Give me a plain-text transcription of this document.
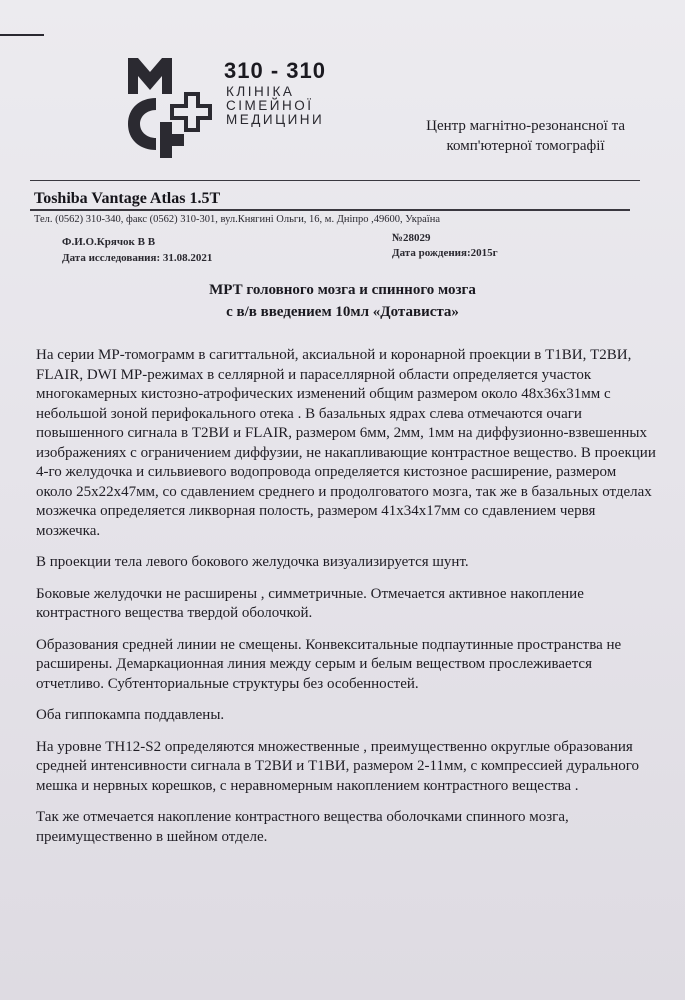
310 - 310
КЛІНІКА
СІМЕЙНОЇ
МЕДИЦИНИ	Центр магнітно-резонансної та
комп'ютерної томографії
Toshiba Vantage Atlas 1.5T
Тел. (0562) 310-340, факс (0562) 310-301, вул.Княгині Ольги, 16, м. Дніпро ,49600, Україна
Ф.И.О.Крячок В В	№28029
Дата исследования: 31.08.2021	Дата рождения:2015г
МРТ головного мозга и спинного мозга
с в/в введением 10мл «Дотависта»

На серии МР-томограмм в сагиттальной, аксиальной и коронарной проекции в Т1ВИ, Т2ВИ, FLAIR, DWI МР-режимах в селлярной и параселлярной области определяется участок многокамерных кистозно-атрофических изменений общим размером около 48х36х31мм с небольшой зоной перифокального отека . В базальных ядрах слева отмечаются очаги повышенного сигнала в Т2ВИ и FLAIR, размером 6мм, 2мм, 1мм на диффузионно-взвешенных изображениях с ограничением диффузии, не накапливающие контрастное вещество. В проекции 4-го желудочка и сильвиевого водопровода определяется кистозное расширение, размером около 25х22х47мм, со сдавлением среднего и продолговатого мозга, так же в базальных отделах мозжечка определяется ликворная полость, размером 41х34х17мм со сдавлением червя мозжечка.

В проекции тела левого бокового желудочка визуализируется шунт.

Боковые желудочки не расширены , симметричные. Отмечается активное накопление контрастного вещества твердой оболочкой.

Образования средней линии не смещены. Конвекситальные подпаутинные пространства не расширены. Демаркационная линия между серым и белым веществом прослеживается отчетливо. Субтенториальные структуры без особенностей.

Оба гиппокампа поддавлены.

На уровне ТН12-S2 определяются множественные , преимущественно округлые образования средней интенсивности сигнала в Т2ВИ и Т1ВИ, размером 2-11мм, с компрессией дурального мешка и нервных корешков, с неравномерным накоплением контрастного вещества .

Так же отмечается накопление контрастного вещества оболочками спинного мозга, преимущественно в шейном отделе.
